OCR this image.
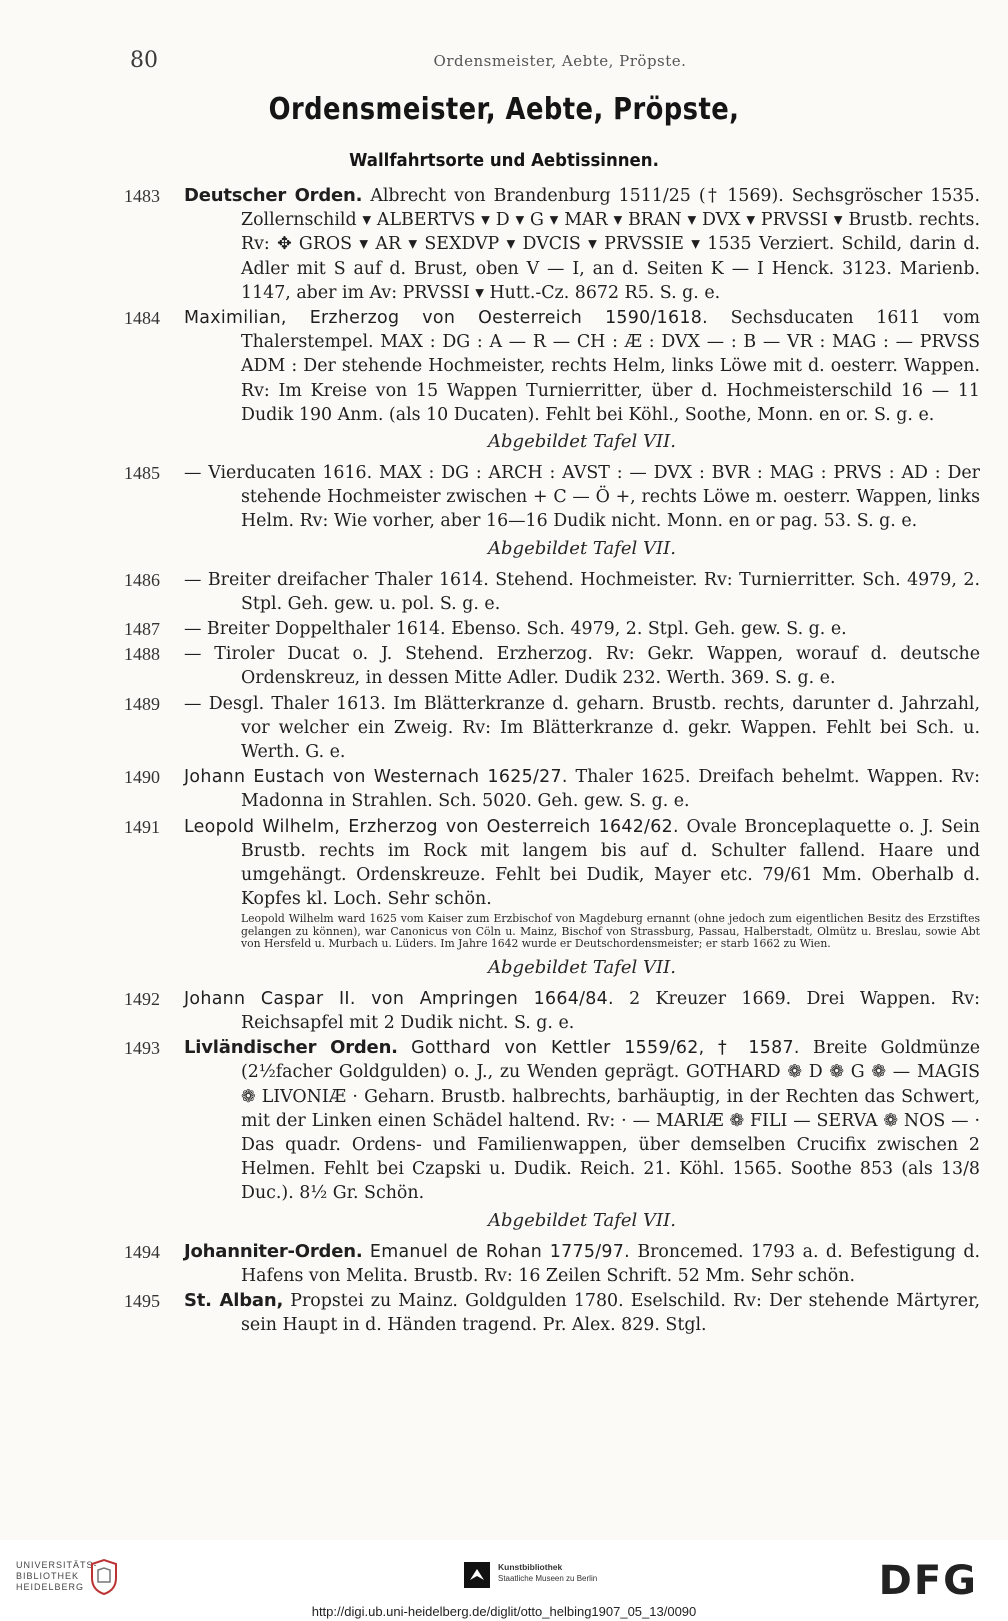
80	Ordensmeister, Aebte, Pröpste.
Ordensmeister, Aebte, Pröpste,
Wallfahrtsorte und Aebtissinnen.
1483	Deutscher Orden. Albrecht von Brandenburg 1511/25 († 1569). Sechsgröscher 1535. Zollernschild ▾ ALBERTVS ▾ D ▾ G ▾ MAR ▾ BRAN ▾ DVX ▾ PRVSSI ▾ Brustb. rechts. Rv: ✥ GROS ▾ AR ▾ SEXDVP ▾ DVCIS ▾ PRVSSIE ▾ 1535 Verziert. Schild, darin d. Adler mit S auf d. Brust, oben V — I, an d. Seiten K — I Henck. 3123. Marienb. 1147, aber im Av: PRVSSI ▾ Hutt.-Cz. 8672 R5. S. g. e.
1484	Maximilian, Erzherzog von Oesterreich 1590/1618. Sechsducaten 1611 vom Thalerstempel. MAX : DG : A — R — CH : Æ : DVX — : B — VR : MAG : — PRVSS ADM : Der stehende Hochmeister, rechts Helm, links Löwe mit d. oesterr. Wappen. Rv: Im Kreise von 15 Wappen Turnierritter, über d. Hochmeisterschild 16 — 11 Dudik 190 Anm. (als 10 Ducaten). Fehlt bei Köhl., Soothe, Monn. en or. S. g. e.
Abgebildet Tafel VII.
1485	— Vierducaten 1616. MAX : DG : ARCH : AVST : — DVX : BVR : MAG : PRVS : AD : Der stehende Hochmeister zwischen + C — Ö +, rechts Löwe m. oesterr. Wappen, links Helm. Rv: Wie vorher, aber 16—16 Dudik nicht. Monn. en or pag. 53. S. g. e.
Abgebildet Tafel VII.
1486	— Breiter dreifacher Thaler 1614. Stehend. Hochmeister. Rv: Turnierritter. Sch. 4979, 2. Stpl. Geh. gew. u. pol. S. g. e.
1487	— Breiter Doppelthaler 1614. Ebenso. Sch. 4979, 2. Stpl. Geh. gew. S. g. e.
1488	— Tiroler Ducat o. J. Stehend. Erzherzog. Rv: Gekr. Wappen, worauf d. deutsche Ordenskreuz, in dessen Mitte Adler. Dudik 232. Werth. 369. S. g. e.
1489	— Desgl. Thaler 1613. Im Blätterkranze d. geharn. Brustb. rechts, darunter d. Jahrzahl, vor welcher ein Zweig. Rv: Im Blätterkranze d. gekr. Wappen. Fehlt bei Sch. u. Werth. G. e.
1490	Johann Eustach von Westernach 1625/27. Thaler 1625. Dreifach behelmt. Wappen. Rv: Madonna in Strahlen. Sch. 5020. Geh. gew. S. g. e.
1491	Leopold Wilhelm, Erzherzog von Oesterreich 1642/62. Ovale Bronceplaquette o. J. Sein Brustb. rechts im Rock mit langem bis auf d. Schulter fallend. Haare und umgehängt. Ordenskreuze. Fehlt bei Dudik, Mayer etc. 79/61 Mm. Oberhalb d. Kopfes kl. Loch. Sehr schön.
Leopold Wilhelm ward 1625 vom Kaiser zum Erzbischof von Magdeburg ernannt (ohne jedoch zum eigentlichen Besitz des Erzstiftes gelangen zu können), war Canonicus von Cöln u. Mainz, Bischof von Strassburg, Passau, Halberstadt, Olmütz u. Breslau, sowie Abt von Hersfeld u. Murbach u. Lüders. Im Jahre 1642 wurde er Deutschordensmeister; er starb 1662 zu Wien.
Abgebildet Tafel VII.
1492	Johann Caspar II. von Ampringen 1664/84. 2 Kreuzer 1669. Drei Wappen. Rv: Reichsapfel mit 2 Dudik nicht. S. g. e.
1493	Livländischer Orden. Gotthard von Kettler 1559/62, † 1587. Breite Goldmünze (2½facher Goldgulden) o. J., zu Wenden geprägt. GOTHARD ❁ D ❁ G ❁ — MAGIS ❁ LIVONIÆ · Geharn. Brustb. halbrechts, barhäuptig, in der Rechten das Schwert, mit der Linken einen Schädel haltend. Rv: · — MARIÆ ❁ FILI — SERVA ❁ NOS — · Das quadr. Ordens- und Familienwappen, über demselben Crucifix zwischen 2 Helmen. Fehlt bei Czapski u. Dudik. Reich. 21. Köhl. 1565. Soothe 853 (als 13/8 Duc.). 8½ Gr. Schön.
Abgebildet Tafel VII.
1494	Johanniter-Orden. Emanuel de Rohan 1775/97. Broncemed. 1793 a. d. Befestigung d. Hafens von Melita. Brustb. Rv: 16 Zeilen Schrift. 52 Mm. Sehr schön.
1495	St. Alban, Propstei zu Mainz. Goldgulden 1780. Eselschild. Rv: Der stehende Märtyrer, sein Haupt in d. Händen tragend. Pr. Alex. 829. Stgl.
UNIVERSITÄTS-
BIBLIOTHEK
HEIDELBERG
Kunstbibliothek
Staatliche Museen zu Berlin	DFG
http://digi.ub.uni-heidelberg.de/diglit/otto_helbing1907_05_13/0090
